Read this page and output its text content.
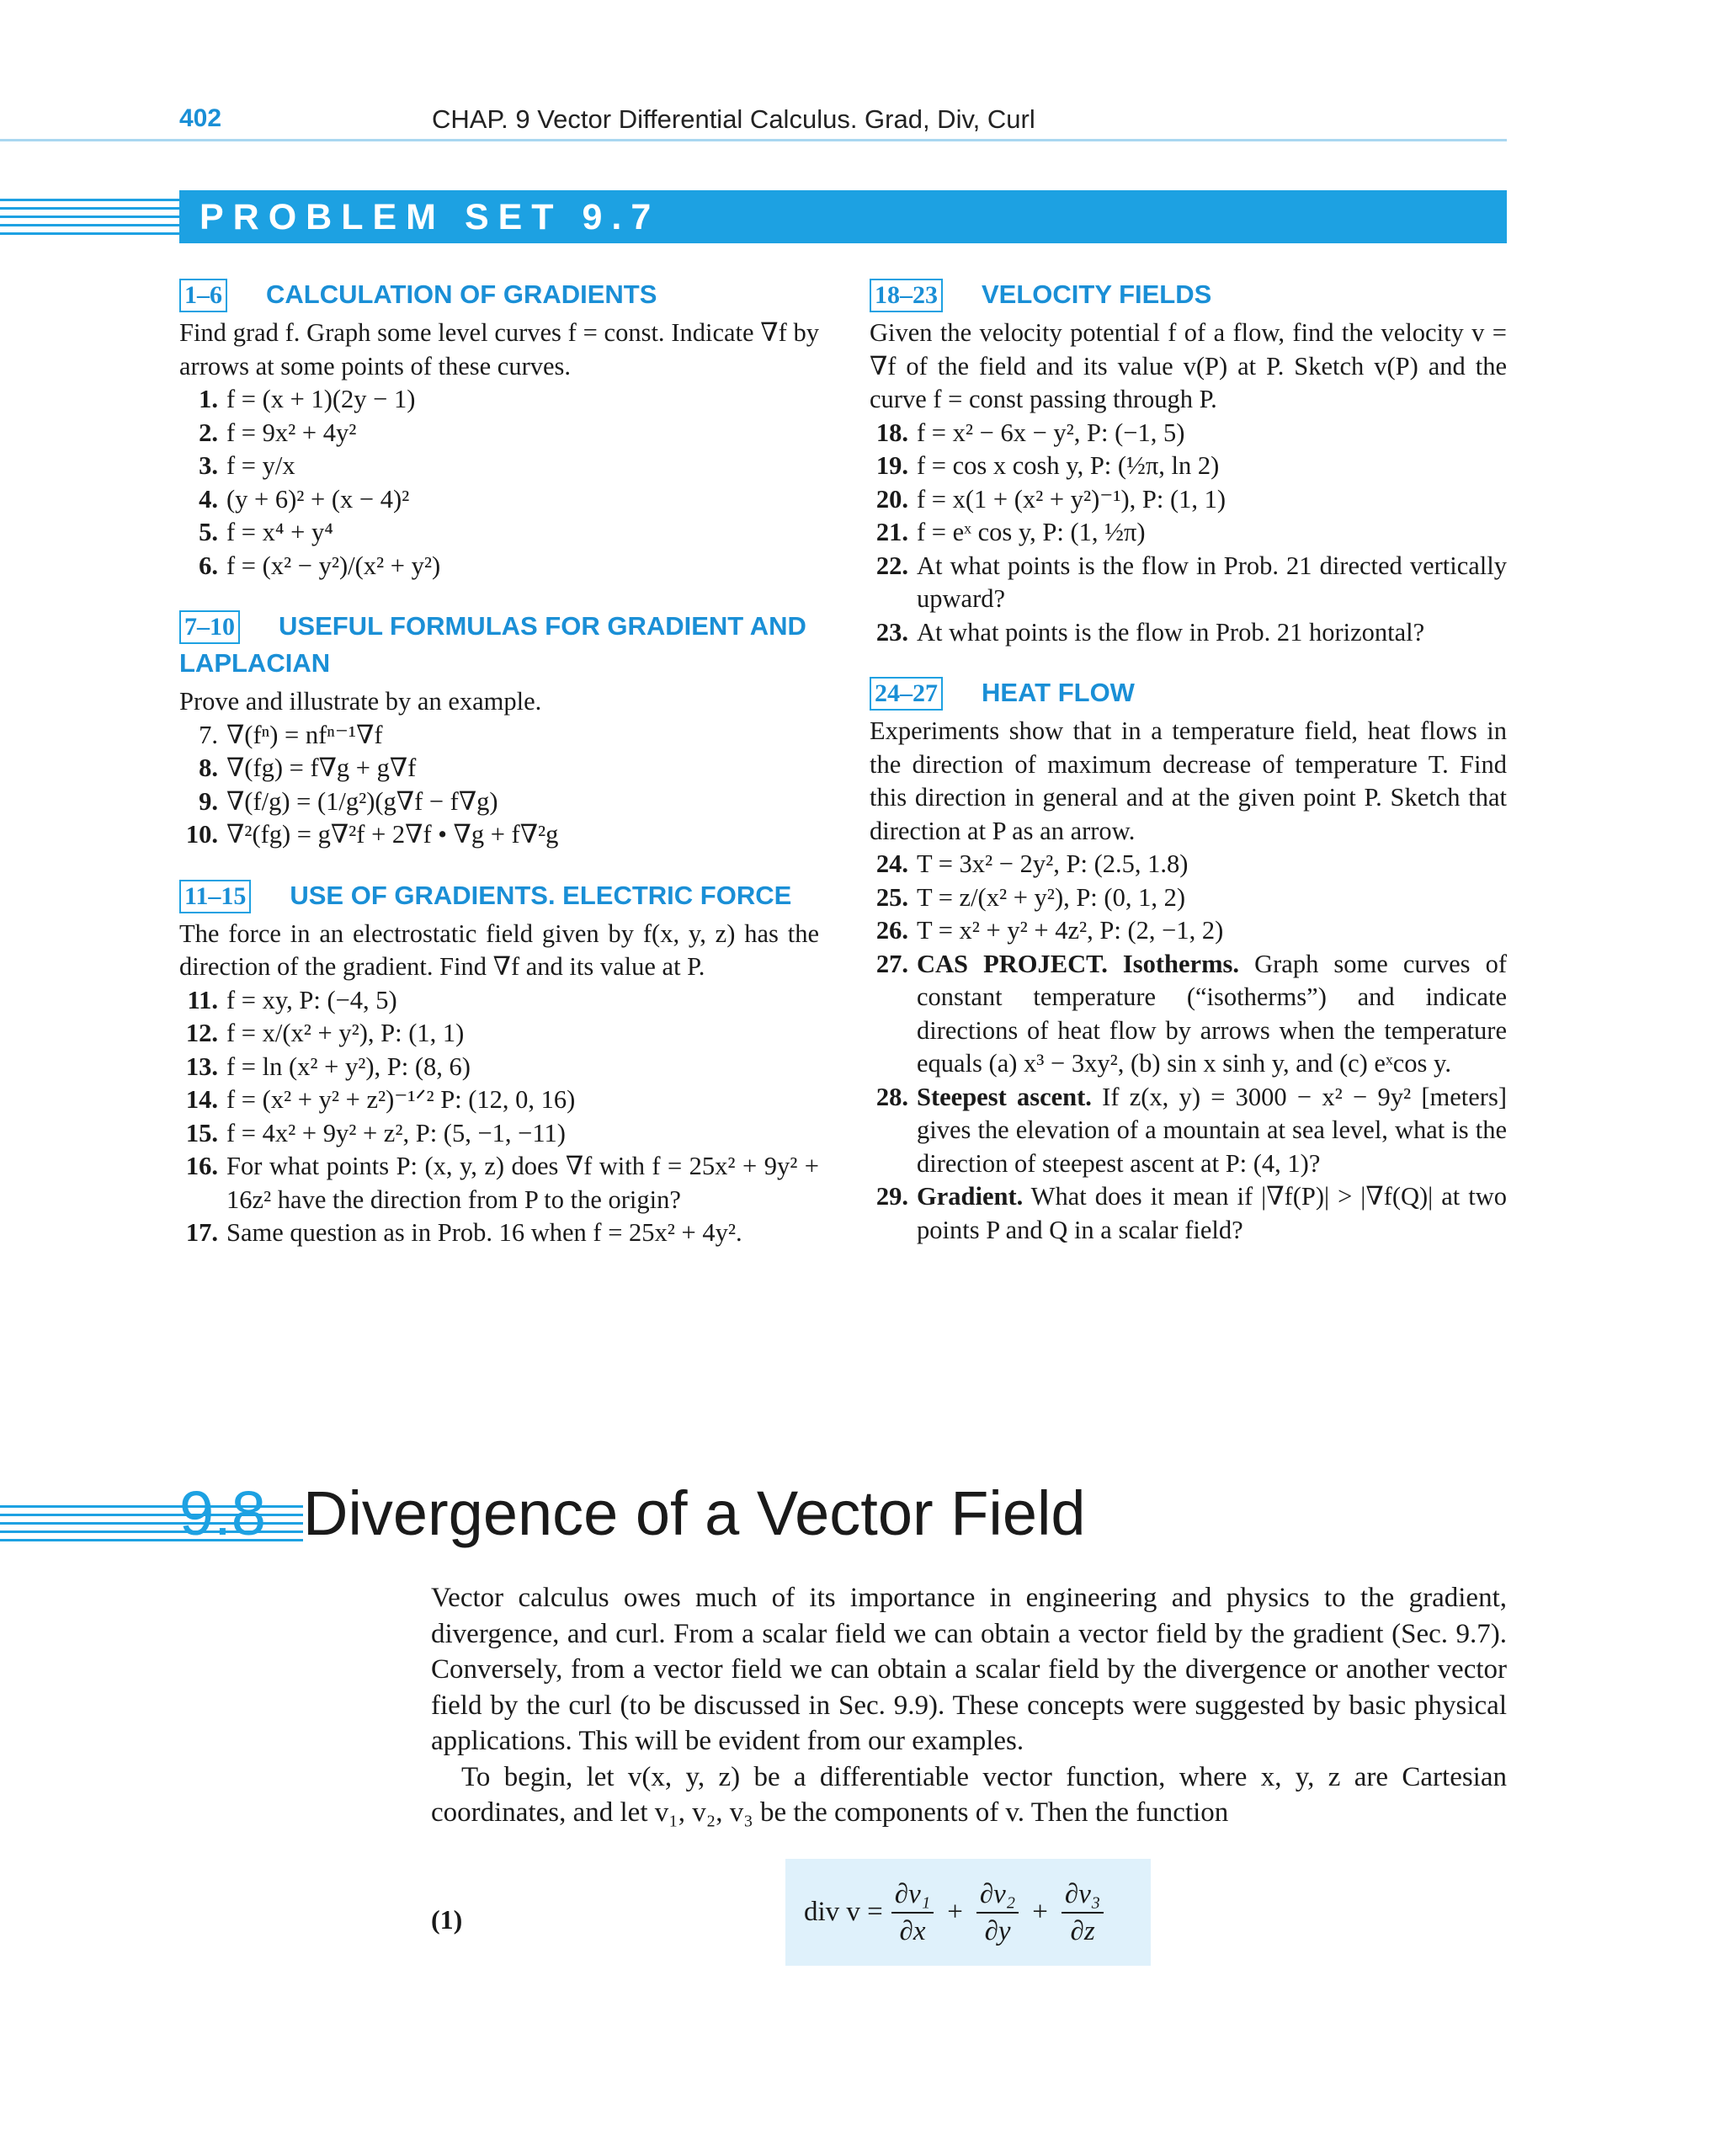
402	CHAP. 9 Vector Differential Calculus. Grad, Div, Curl
PROBLEM SET 9.7
1–6 CALCULATION OF GRADIENTS

Find grad f. Graph some level curves f = const. Indicate ∇f by arrows at some points of these curves.

1. f = (x + 1)(2y − 1)
2. f = 9x² + 4y²
3. f = y/x
4. (y + 6)² + (x − 4)²
5. f = x⁴ + y⁴
6. f = (x² − y²)/(x² + y²)
7–10 USEFUL FORMULAS FOR GRADIENT AND LAPLACIAN

Prove and illustrate by an example.

7. ∇(fⁿ) = nfⁿ⁻¹∇f
8. ∇(fg) = f∇g + g∇f
9. ∇(f/g) = (1/g²)(g∇f − f∇g)
10. ∇²(fg) = g∇²f + 2∇f • ∇g + f∇²g
11–15 USE OF GRADIENTS. ELECTRIC FORCE

The force in an electrostatic field given by f(x, y, z) has the direction of the gradient. Find ∇f and its value at P.

11. f = xy, P: (−4, 5)
12. f = x/(x² + y²), P: (1, 1)
13. f = ln (x² + y²), P: (8, 6)
14. f = (x² + y² + z²)⁻¹ᐟ² P: (12, 0, 16)
15. f = 4x² + 9y² + z², P: (5, −1, −11)
16. For what points P: (x, y, z) does ∇f with f = 25x² + 9y² + 16z² have the direction from P to the origin?
17. Same question as in Prob. 16 when f = 25x² + 4y².
18–23 VELOCITY FIELDS

Given the velocity potential f of a flow, find the velocity v = ∇f of the field and its value v(P) at P. Sketch v(P) and the curve f = const passing through P.

18. f = x² − 6x − y², P: (−1, 5)
19. f = cos x cosh y, P: (½π, ln 2)
20. f = x(1 + (x² + y²)⁻¹), P: (1, 1)
21. f = eˣ cos y, P: (1, ½π)
22. At what points is the flow in Prob. 21 directed vertically upward?
23. At what points is the flow in Prob. 21 horizontal?
24–27 HEAT FLOW

Experiments show that in a temperature field, heat flows in the direction of maximum decrease of temperature T. Find this direction in general and at the given point P. Sketch that direction at P as an arrow.

24. T = 3x² − 2y², P: (2.5, 1.8)
25. T = z/(x² + y²), P: (0, 1, 2)
26. T = x² + y² + 4z², P: (2, −1, 2)
27. CAS PROJECT. Isotherms. Graph some curves of constant temperature (“isotherms”) and indicate directions of heat flow by arrows when the temperature equals (a) x³ − 3xy², (b) sin x sinh y, and (c) eˣcos y.
28. Steepest ascent. If z(x, y) = 3000 − x² − 9y² [meters] gives the elevation of a mountain at sea level, what is the direction of steepest ascent at P: (4, 1)?
29. Gradient. What does it mean if |∇f(P)| > |∇f(Q)| at two points P and Q in a scalar field?
9.8 Divergence of a Vector Field

Vector calculus owes much of its importance in engineering and physics to the gradient, divergence, and curl. From a scalar field we can obtain a vector field by the gradient (Sec. 9.7). Conversely, from a vector field we can obtain a scalar field by the divergence or another vector field by the curl (to be discussed in Sec. 9.9). These concepts were suggested by basic physical applications. This will be evident from our examples.

To begin, let v(x, y, z) be a differentiable vector function, where x, y, z are Cartesian coordinates, and let v₁, v₂, v₃ be the components of v. Then the function

(1)	div $v = \frac{\text{∂v₁}}{\partial x} + \frac{\text{∂v₂}}{\partial y} + \frac{\text{∂v₃}}{\partial z}$
